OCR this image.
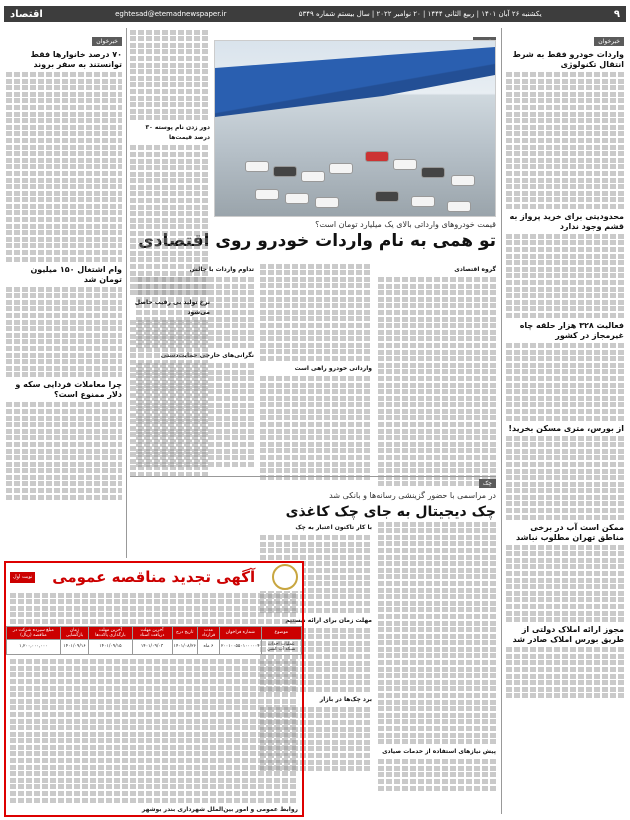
۹
یکشنبه ۲۶ آبان ۱۴۰۱ | ربیع الثانی ۱۴۴۴ | ۲۰ نوامبر ۲۰۲۲ | سال بیستم شماره ۵۳۴۹
eghtesad@etemadnewspaper.ir
اقتصاد
خبرخوان
واردات خودرو فقط به شرط انتقال تکنولوژی
محدودیتی برای خرید پرواز به قشم وجود ندارد
فعالیت ۳۲۸ هزار حلقه چاه غیرمجاز در کشور
از بورس، متری مسکن بخرید!
ممکن است آب در برخی مناطق تهران مطلوب نباشد
مجوز ارائه املاک دولتی از طریق بورس املاک صادر شد
قیمت خودروهای وارداتی بالای یک میلیارد تومان است؟
تو همی به نام واردات خودرو روی اقتصادی
گروه اقتصادی
وارداتی خودرو راهی است
تداوم واردات با چالش
نگرانی‌های خارجی حمایت‌دستی
دور زدن نام پوسته ۳۰ درصد قیمت‌ها
نرخ تولید بی رقیب حاصل می‌شود
خبرخوان
۷۰ درصد خانوارها فقط توانستند به سفر بروند
وام اشتغال ۱۵۰ میلیون تومان شد
چرا معاملات فردایی سکه و دلار ممنوع است؟
چک
در مراسمی با حضور گزینشی رسانه‌ها و بانکی شد
چک دیجیتال به جای چک کاغذی
پیش نیازهای استفاده از خدمات صیادی
با کار تاکنون اعتبار به چک
مهلت زمان برای ارائه نیستیم
برد چک‌ها در بازار
آگهی تجدید مناقصه عمومی
نوبت اول
موضوع	شماره فراخوان	مدت قرارداد	تاریخ درج	آخرین مهلت دریافت اسناد	آخرین مهلت بارگذاری پاکت‌ها	زمان بازگشایی	مبلغ سپرده شرکت در مناقصه (ریال)
عملیات احداث شبکه آب کشی	۲۰۰۱۰۰۵۵۰۱۰۰۰۰۰۴	۶ ماه	۱۴۰۱/۰۸/۲۶	۱۴۰۱/۰۹/۰۳	۱۴۰۱/۰۹/۱۵	۱۴۰۱/۰۹/۱۶	۱,۲۰۰,۰۰۰,۰۰۰
روابط عمومی و امور بین‌الملل شهرداری بندر بوشهر
